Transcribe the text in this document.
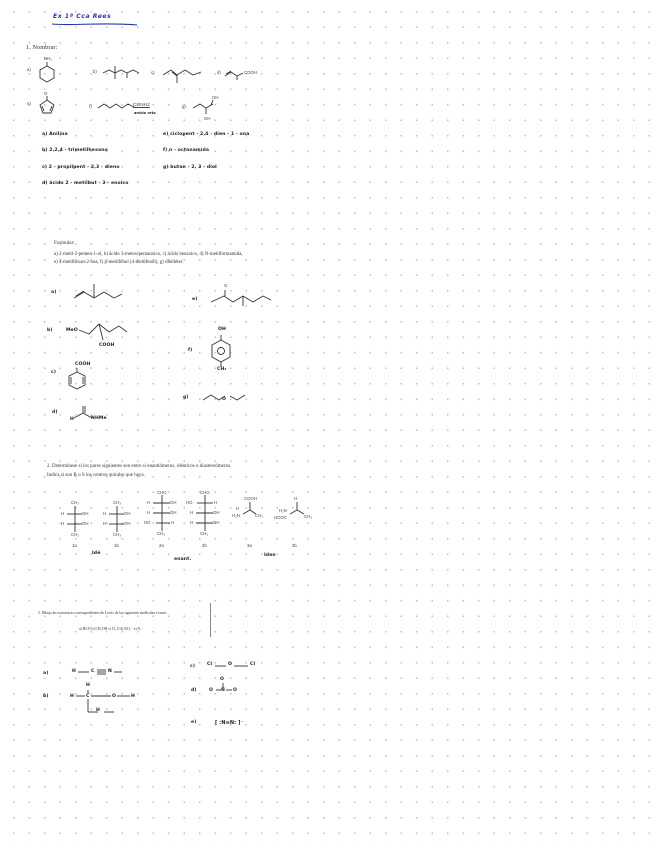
Ex 1ª Cca Rees
1. Nombrar:
a)
NH₂
b)	c)	d)	COOH
e)
O
f)	CONH2
amida orto
g)
OH
OH
a) Anilina
b) 2,2,4 - trimetilhexano
c) 2 - propilpent - 2,3 - dieno
d) ácido 2 - metilbut - 3 - enoico
e) ciclopent - 2,4 - dien - 1 - ona
f) n - octanamida
g) butan - 2, 3 - diol
Formular:
a) 2-metil-2-penten-1-ol, b) ácido 3-metoxipentanoico, c) ácido benzoico, d) N-metilformamida,
e) 4-metilhexan-2-ona, f) p-metilfenol (4-metilfenol), g) dietiléter.
a)
e)
O
b)	MeO
COOH
f)
OH
CH₃
c)
COOH
g)	O
d)
H	NHMe
2. Determínese si los pares siguientes son entre sí enantiómeros, idénticos o diastereómeros.
Indica si son R o S los centros quirales que haya.
CH₃
H	OH
H	OH
CH₃
1a
CH₃
H	OH
H	OH
CH₃
1b
CHO
H	OH
H	OH
HO	H
CH₃
2a
CHO
HO	H
H	OH
H	OH
CH₃
2b
COOH
H₂N
H
CH₃
3a
H
H₂N
HOOC	CH₃
3b
Idé
enant.
Iden
3. Dibuja las estructuras correspondientes de Lewis de las siguientes moléculas e iones.
a) HCN b) CH₃OH c) Cl₂O d) NO₃⁻ e) N₂⁻
a)	H	C	N
c)	Cl	O	Cl
b)	H	C	O	H
H
H
d)
O
O N O
e)	[ :N≡N: ]⁻
